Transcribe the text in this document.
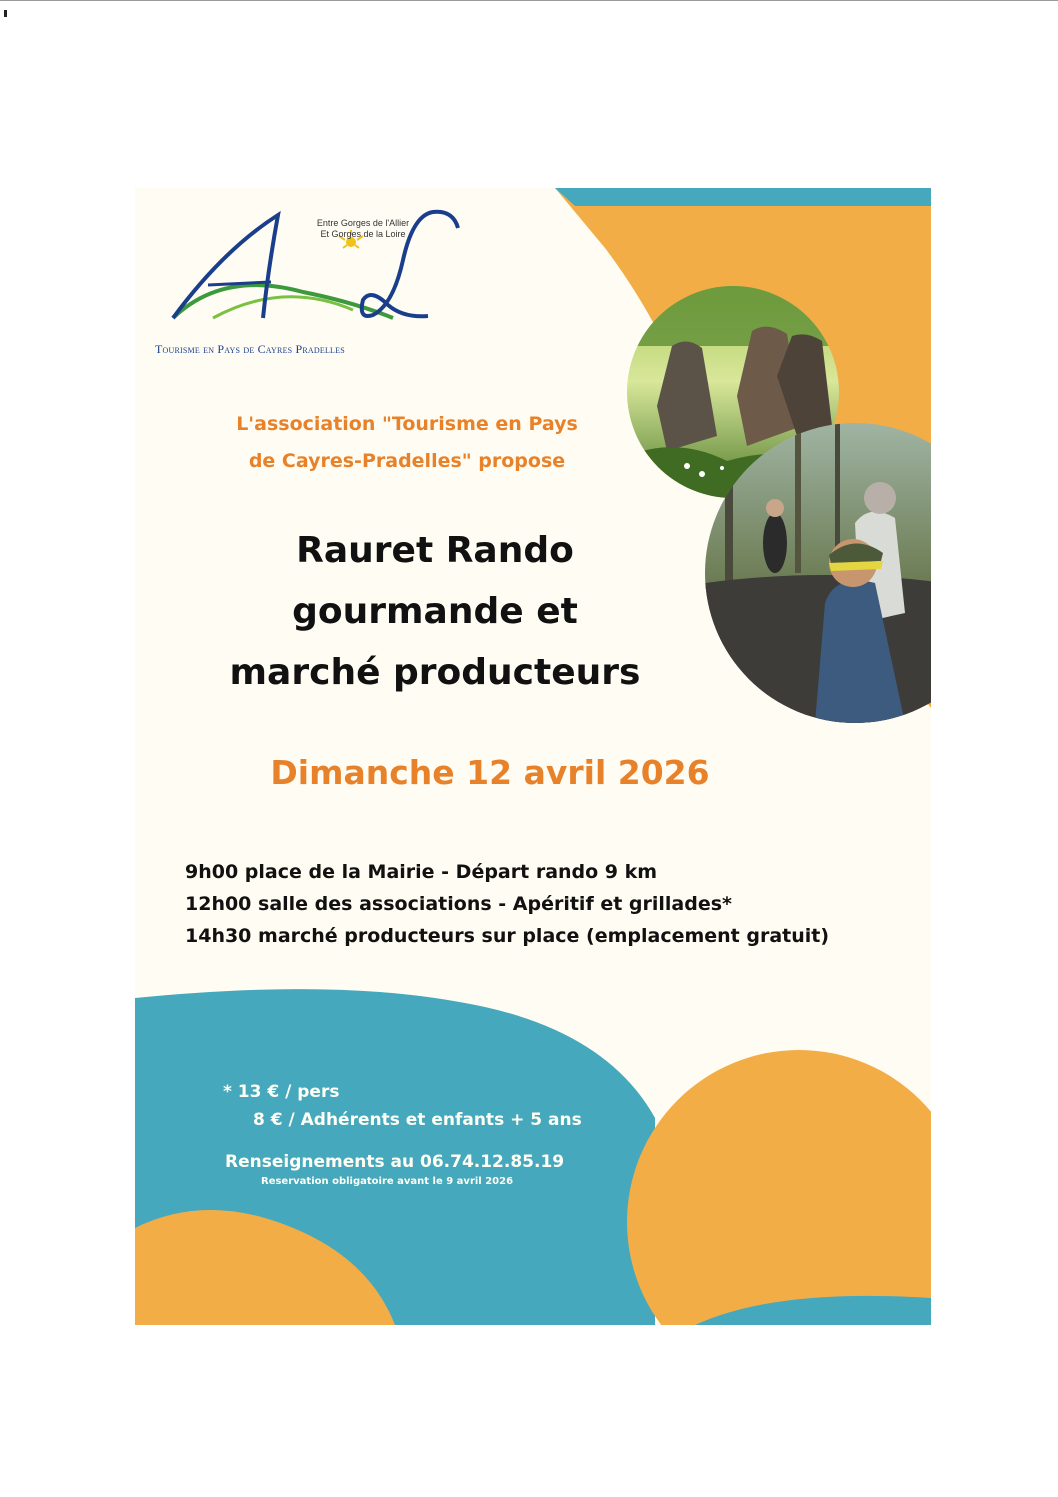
Entre Gorges de l'Allier
Et Gorges de la Loire
Tourisme en Pays de Cayres Pradelles
L'association "Tourisme en Pays
de Cayres-Pradelles" propose
Rauret Rando
gourmande et
marché producteurs
Dimanche 12 avril 2026
9h00 place de la Mairie - Départ rando 9 km
12h00 salle des associations - Apéritif et grillades*
14h30 marché producteurs sur place (emplacement gratuit)
* 13 € / pers
8 € / Adhérents et enfants + 5 ans
Renseignements au 06.74.12.85.19
Reservation obligatoire avant le 9 avril 2026
